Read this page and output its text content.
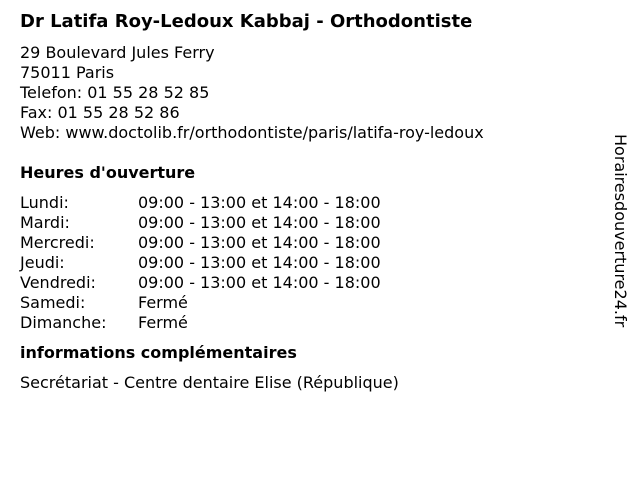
Dr Latifa Roy-Ledoux Kabbaj - Orthodontiste
29 Boulevard Jules Ferry
75011 Paris
Telefon: 01 55 28 52 85
Fax: 01 55 28 52 86
Web: www.doctolib.fr/orthodontiste/paris/latifa-roy-ledoux
Heures d'ouverture
Lundi:	09:00 - 13:00 et 14:00 - 18:00
Mardi:	09:00 - 13:00 et 14:00 - 18:00
Mercredi:	09:00 - 13:00 et 14:00 - 18:00
Jeudi:	09:00 - 13:00 et 14:00 - 18:00
Vendredi:	09:00 - 13:00 et 14:00 - 18:00
Samedi:	Fermé
Dimanche:	Fermé
informations complémentaires
Secrétariat - Centre dentaire Elise (République)
Horairesdouverture24.fr
